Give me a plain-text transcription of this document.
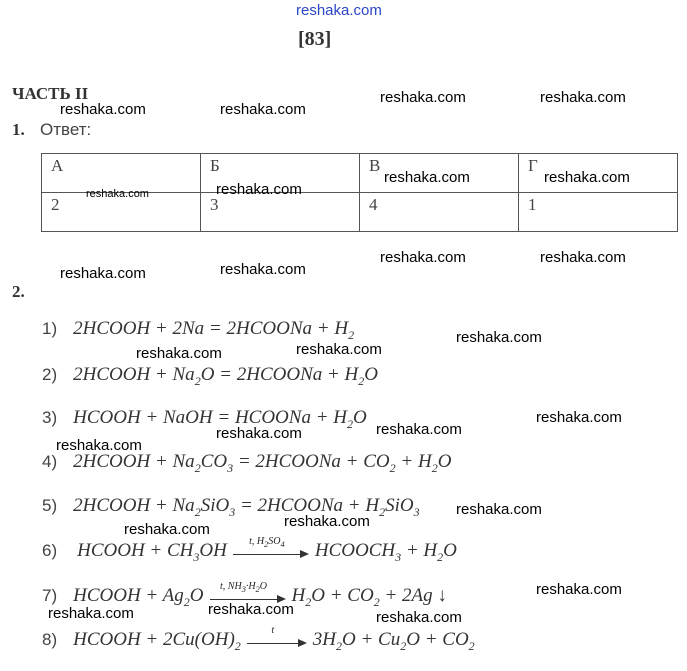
reshaka.com
[83]
ЧАСТЬ II
1. Ответ:
А	Б	В	Г
2	3	4	1
2.
1) 2HCOOH + 2Na = 2HCOONa + $H_2$
2) 2HCOOH + $Na_2O$ = 2HCOONa + $H_2O$
3) HCOOH + NaOH = HCOONa + $H_2O$
4) 2HCOOH + $Na_2CO_3$ = 2HCOONa + $CO_2 + H_2O$
5) 2HCOOH + $Na_2SiO_3$ = 2HCOONa + $H_2SiO_3$
6) HCOOH + $CH_3OH$	t, $H_2SO_4$	$HCOOCH_3 + H_2O$
7) HCOOH + $Ag_2O$	t, $NH_3\cdot H_2O$	$H_2O + CO_2 + 2Ag$ ↓
8) HCOOH + $2Cu(OH)_2$
t	$3H_2O + Cu_2O + CO_2$
reshaka.com	reshaka.com
reshaka.com	reshaka.com
reshaka.com	reshaka.com
reshaka.com	reshaka.com
reshaka.com	reshaka.com
reshaka.com	reshaka.com
reshaka.com	reshaka.com
reshaka.com
reshaka.com
reshaka.com	reshaka.com
reshaka.com
reshaka.com	reshaka.com
reshaka.com
reshaka.com	reshaka.com	reshaka.com
reshaka.com
